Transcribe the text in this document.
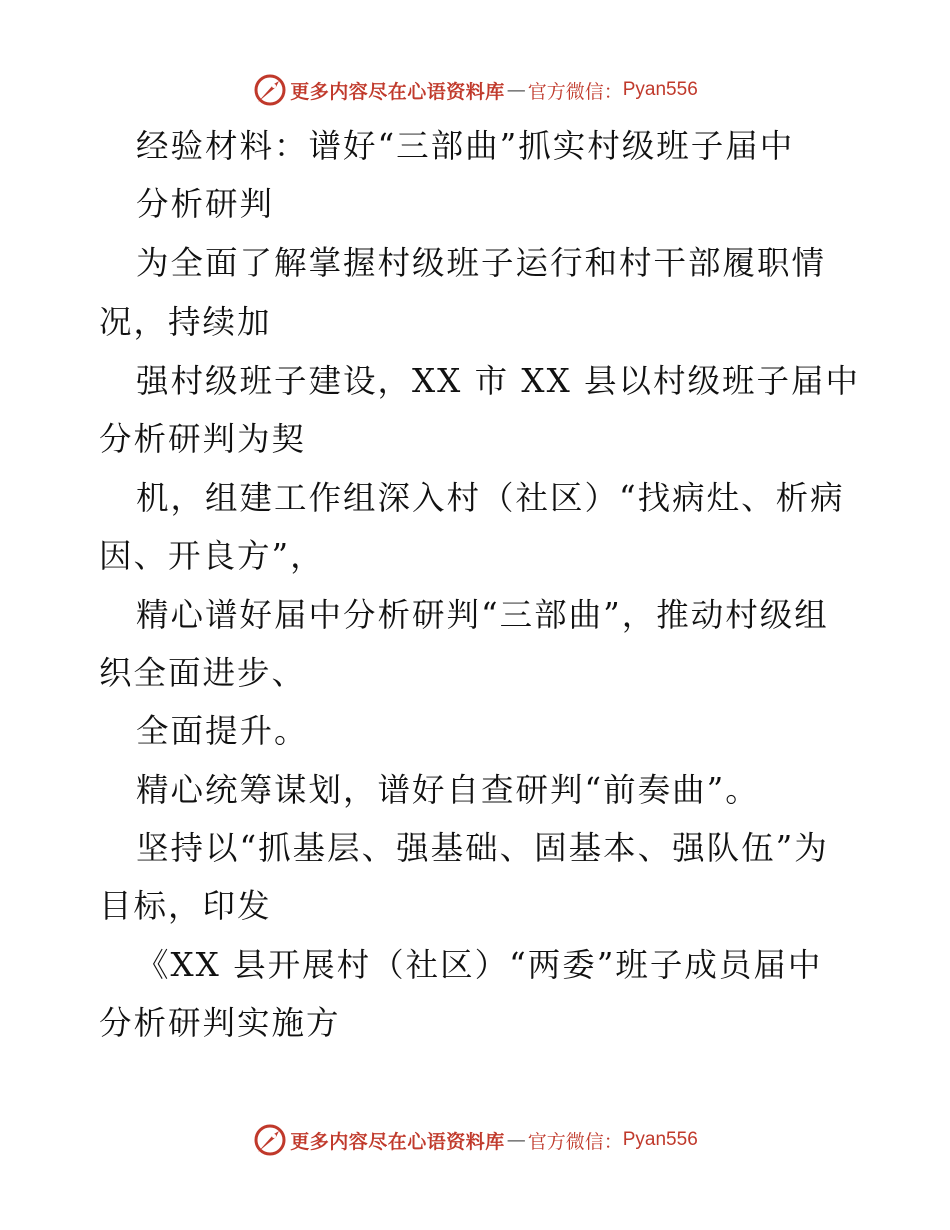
更多内容尽在心语资料库 — 官方微信： Pyan556
经验材料：谱好“三部曲”抓实村级班子届中
分析研判
为全面了解掌握村级班子运行和村干部履职情
况，持续加
强村级班子建设，XX 市 XX 县以村级班子届中
分析研判为契
机，组建工作组深入村（社区）“找病灶、析病
因、开良方”，
精心谱好届中分析研判“三部曲”，推动村级组
织全面进步、
全面提升。
精心统筹谋划，谱好自查研判“前奏曲”。
坚持以“抓基层、强基础、固基本、强队伍”为
目标，印发
《XX 县开展村（社区）“两委”班子成员届中
分析研判实施方
更多内容尽在心语资料库 — 官方微信： Pyan556
